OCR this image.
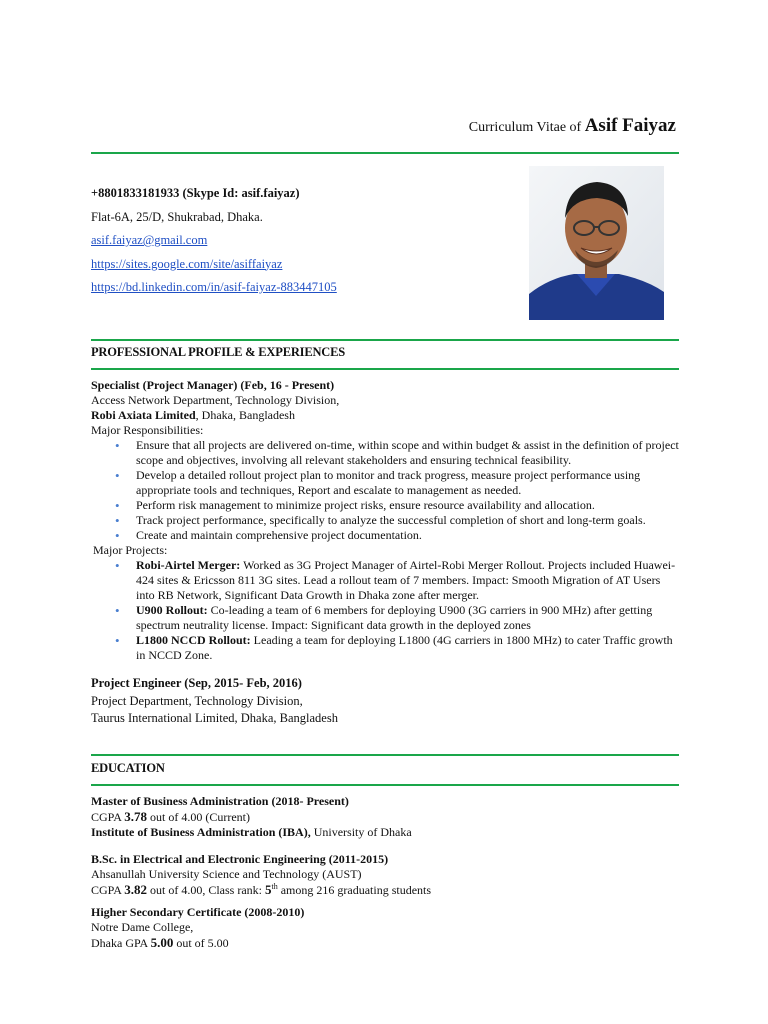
Curriculum Vitae of Asif Faiyaz
+8801833181933 (Skype Id: asif.faiyaz)
Flat-6A, 25/D, Shukrabad, Dhaka.
asif.faiyaz@gmail.com
https://sites.google.com/site/asiffaiyaz
https://bd.linkedin.com/in/asif-faiyaz-883447105
PROFESSIONAL PROFILE & EXPERIENCES
Specialist (Project Manager) (Feb, 16 - Present)
Access Network Department, Technology Division,
Robi Axiata Limited, Dhaka, Bangladesh
Major Responsibilities:
• Ensure that all projects are delivered on-time, within scope and within budget & assist in the definition of project scope and objectives, involving all relevant stakeholders and ensuring technical feasibility.
• Develop a detailed rollout project plan to monitor and track progress, measure project performance using appropriate tools and techniques, Report and escalate to management as needed.
• Perform risk management to minimize project risks, ensure resource availability and allocation.
• Track project performance, specifically to analyze the successful completion of short and long-term goals.
• Create and maintain comprehensive project documentation.
Major Projects:
• Robi-Airtel Merger: Worked as 3G Project Manager of Airtel-Robi Merger Rollout. Projects included Huawei-424 sites & Ericsson 811 3G sites. Lead a rollout team of 7 members. Impact: Smooth Migration of AT Users into RB Network, Significant Data Growth in Dhaka zone after merger.
• U900 Rollout: Co-leading a team of 6 members for deploying U900 (3G carriers in 900 MHz) after getting spectrum neutrality license. Impact: Significant data growth in the deployed zones
• L1800 NCCD Rollout: Leading a team for deploying L1800 (4G carriers in 1800 MHz) to cater Traffic growth in NCCD Zone.
Project Engineer (Sep, 2015- Feb, 2016)
Project Department, Technology Division,
Taurus International Limited, Dhaka, Bangladesh
EDUCATION
Master of Business Administration (2018- Present)
CGPA 3.78 out of 4.00 (Current)
Institute of Business Administration (IBA), University of Dhaka
B.Sc. in Electrical and Electronic Engineering (2011-2015)
Ahsanullah University Science and Technology (AUST)
CGPA 3.82 out of 4.00, Class rank: 5th among 216 graduating students
Higher Secondary Certificate (2008-2010)
Notre Dame College,
Dhaka GPA 5.00 out of 5.00
